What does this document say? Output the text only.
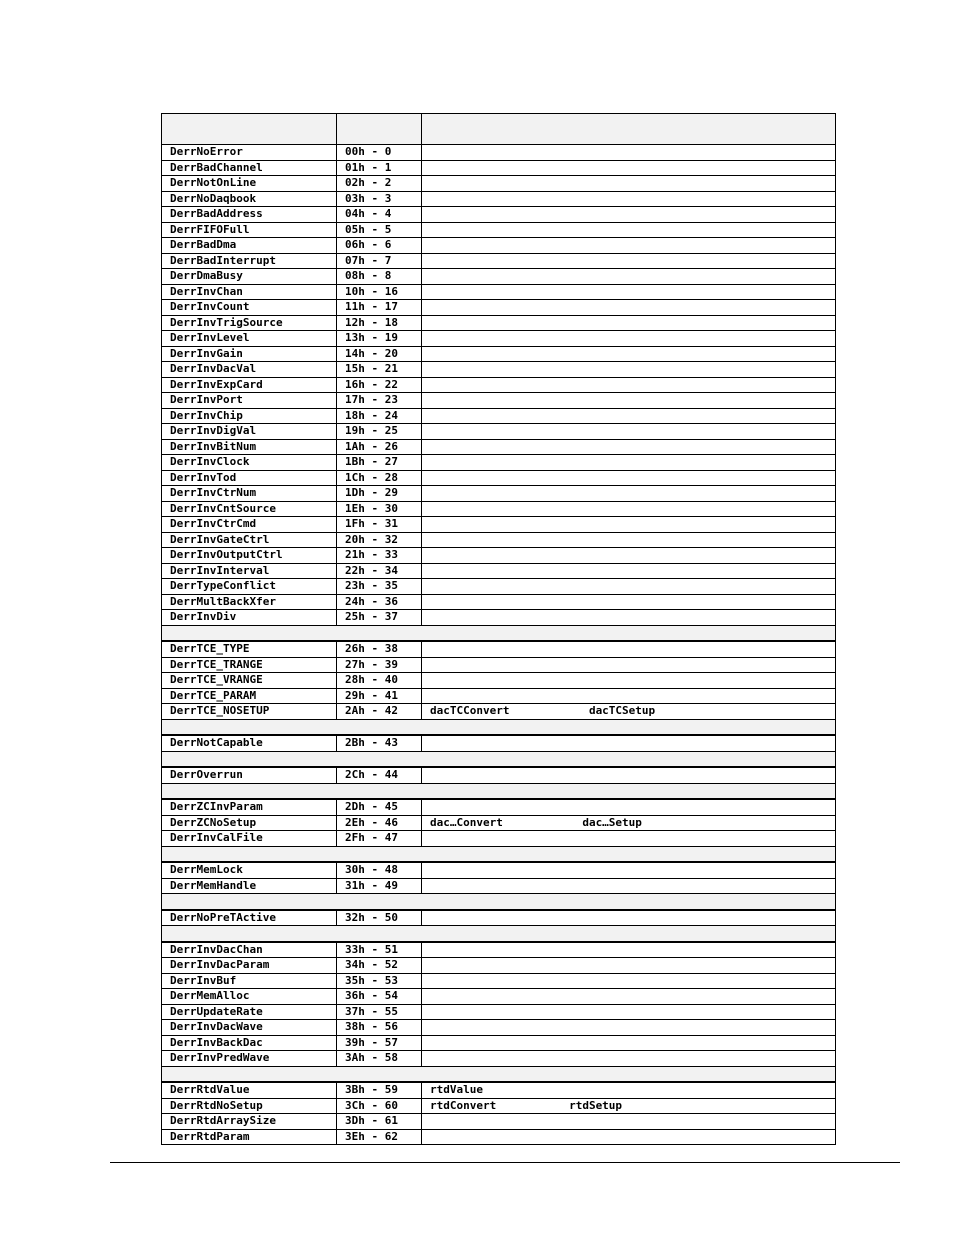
DerrNoError	00h - 0	
DerrBadChannel	01h - 1	
DerrNotOnLine	02h - 2	
DerrNoDaqbook	03h - 3	
DerrBadAddress	04h - 4	
DerrFIFOFull	05h - 5	
DerrBadDma	06h - 6	
DerrBadInterrupt	07h - 7	
DerrDmaBusy	08h - 8	
DerrInvChan	10h - 16	
DerrInvCount	11h - 17	
DerrInvTrigSource	12h - 18	
DerrInvLevel	13h - 19	
DerrInvGain	14h - 20	
DerrInvDacVal	15h - 21	
DerrInvExpCard	16h - 22	
DerrInvPort	17h - 23	
DerrInvChip	18h - 24	
DerrInvDigVal	19h - 25	
DerrInvBitNum	1Ah - 26	
DerrInvClock	1Bh - 27	
DerrInvTod	1Ch - 28	
DerrInvCtrNum	1Dh - 29	
DerrInvCntSource	1Eh - 30	
DerrInvCtrCmd	1Fh - 31	
DerrInvGateCtrl	20h - 32	
DerrInvOutputCtrl	21h - 33	
DerrInvInterval	22h - 34	
DerrTypeConflict	23h - 35	
DerrMultBackXfer	24h - 36	
DerrInvDiv	25h - 37	

DerrTCE_TYPE	26h - 38	
DerrTCE_TRANGE	27h - 39	
DerrTCE_VRANGE	28h - 40	
DerrTCE_PARAM	29h - 41	
DerrTCE_NOSETUP	2Ah - 42	dacTCConvert            dacTCSetup

DerrNotCapable	2Bh - 43	

DerrOverrun	2Ch - 44	

DerrZCInvParam	2Dh - 45	
DerrZCNoSetup	2Eh - 46	dac…Convert            dac…Setup
DerrInvCalFile	2Fh - 47	

DerrMemLock	30h - 48	
DerrMemHandle	31h - 49	

DerrNoPreTActive	32h - 50	

DerrInvDacChan	33h - 51	
DerrInvDacParam	34h - 52	
DerrInvBuf	35h - 53	
DerrMemAlloc	36h - 54	
DerrUpdateRate	37h - 55	
DerrInvDacWave	38h - 56	
DerrInvBackDac	39h - 57	
DerrInvPredWave	3Ah - 58	

DerrRtdValue	3Bh - 59	rtdValue
DerrRtdNoSetup	3Ch - 60	rtdConvert           rtdSetup
DerrRtdArraySize	3Dh - 61	
DerrRtdParam	3Eh - 62	
